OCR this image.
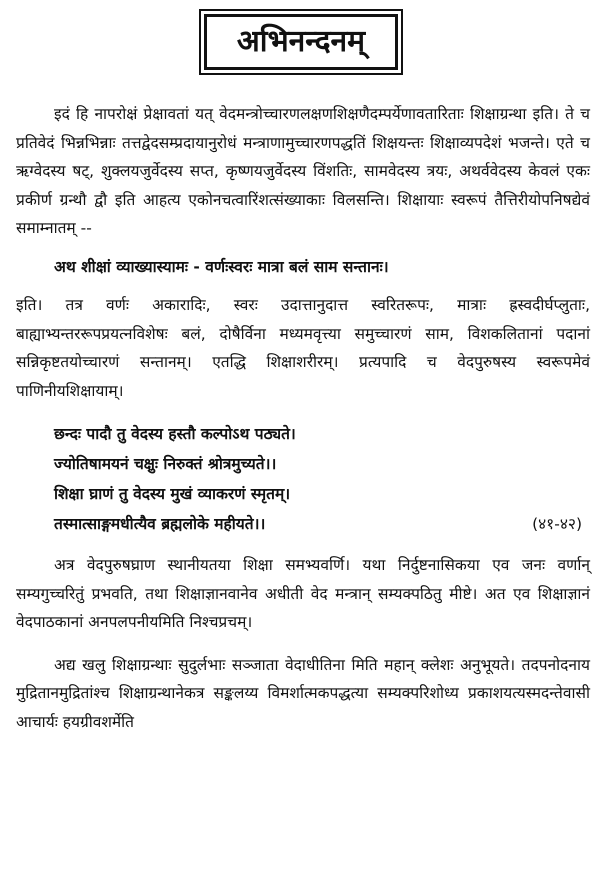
अभिनन्दनम्

इदं हि नापरोक्षं प्रेक्षावतां यत् वेदमन्त्रोच्चारणलक्षणशिक्षणैदम्पर्येणावतारिताः शिक्षाग्रन्था इति। ते च प्रतिवेदं भिन्नभिन्नाः तत्तद्वेदसम्प्रदायानुरोधं मन्त्राणामुच्चारणपद्धतिं शिक्षयन्तः शिक्षाव्यपदेशं भजन्ते। एते च ऋग्वेदस्य षट्, शुक्लयजुर्वेदस्य सप्त, कृष्णयजुर्वेदस्य विंशतिः, सामवेदस्य त्रयः, अथर्ववेदस्य केवलं एकः प्रकीर्ण ग्रन्थौ द्वौ इति आहत्य एकोनचत्वारिंशत्संख्याकाः विलसन्ति। शिक्षायाः स्वरूपं तैत्तिरीयोपनिषद्येवं समाम्नातम् --

अथ शीक्षां व्याख्यास्यामः - वर्णःस्वरः मात्रा बलं साम सन्तानः।

इति। तत्र वर्णः अकारादिः, स्वरः उदात्तानुदात्त स्वरितरूपः, मात्राः ह्रस्वदीर्घप्लुताः, बाह्याभ्यन्तररूपप्रयत्नविशेषः बलं, दोषैर्विना मध्यमवृत्त्या समुच्चारणं साम, विशकलितानां पदानां सन्निकृष्टतयोच्चारणं सन्तानम्। एतद्धि शिक्षाशरीरम्। प्रत्यपादि च वेदपुरुषस्य स्वरूपमेवं पाणिनीयशिक्षायाम्।

छन्दः पादौ तु वेदस्य हस्तौ कल्पोऽथ पठ्यते।
ज्योतिषामयनं चक्षुः निरुक्तं श्रोत्रमुच्यते।।
शिक्षा घ्राणं तु वेदस्य मुखं व्याकरणं स्मृतम्।
तस्मात्साङ्गमधीत्यैव ब्रह्मलोके महीयते।।	(४१-४२)

अत्र वेदपुरुषघ्राण स्थानीयतया शिक्षा समभ्यवर्णि। यथा निर्दुष्टनासिकया एव जनः वर्णान् सम्यगुच्चरितुं प्रभवति, तथा शिक्षाज्ञानवानेव अधीती वेद मन्त्रान् सम्यक्पठितु मीष्टे। अत एव शिक्षाज्ञानं वेदपाठकानां अनपलपनीयमिति निश्चप्रचम्।

अद्य खलु शिक्षाग्रन्थाः सुदुर्लभाः सञ्जाता वेदाधीतिना मिति महान् क्लेशः अनुभूयते। तदपनोदनाय मुद्रितानमुद्रितांश्च शिक्षाग्रन्थानेकत्र सङ्कलय्य विमर्शात्मकपद्धत्या सम्यक्परिशोध्य प्रकाशयत्यस्मदन्तेवासी आचार्यः हयग्रीवशर्मेति
